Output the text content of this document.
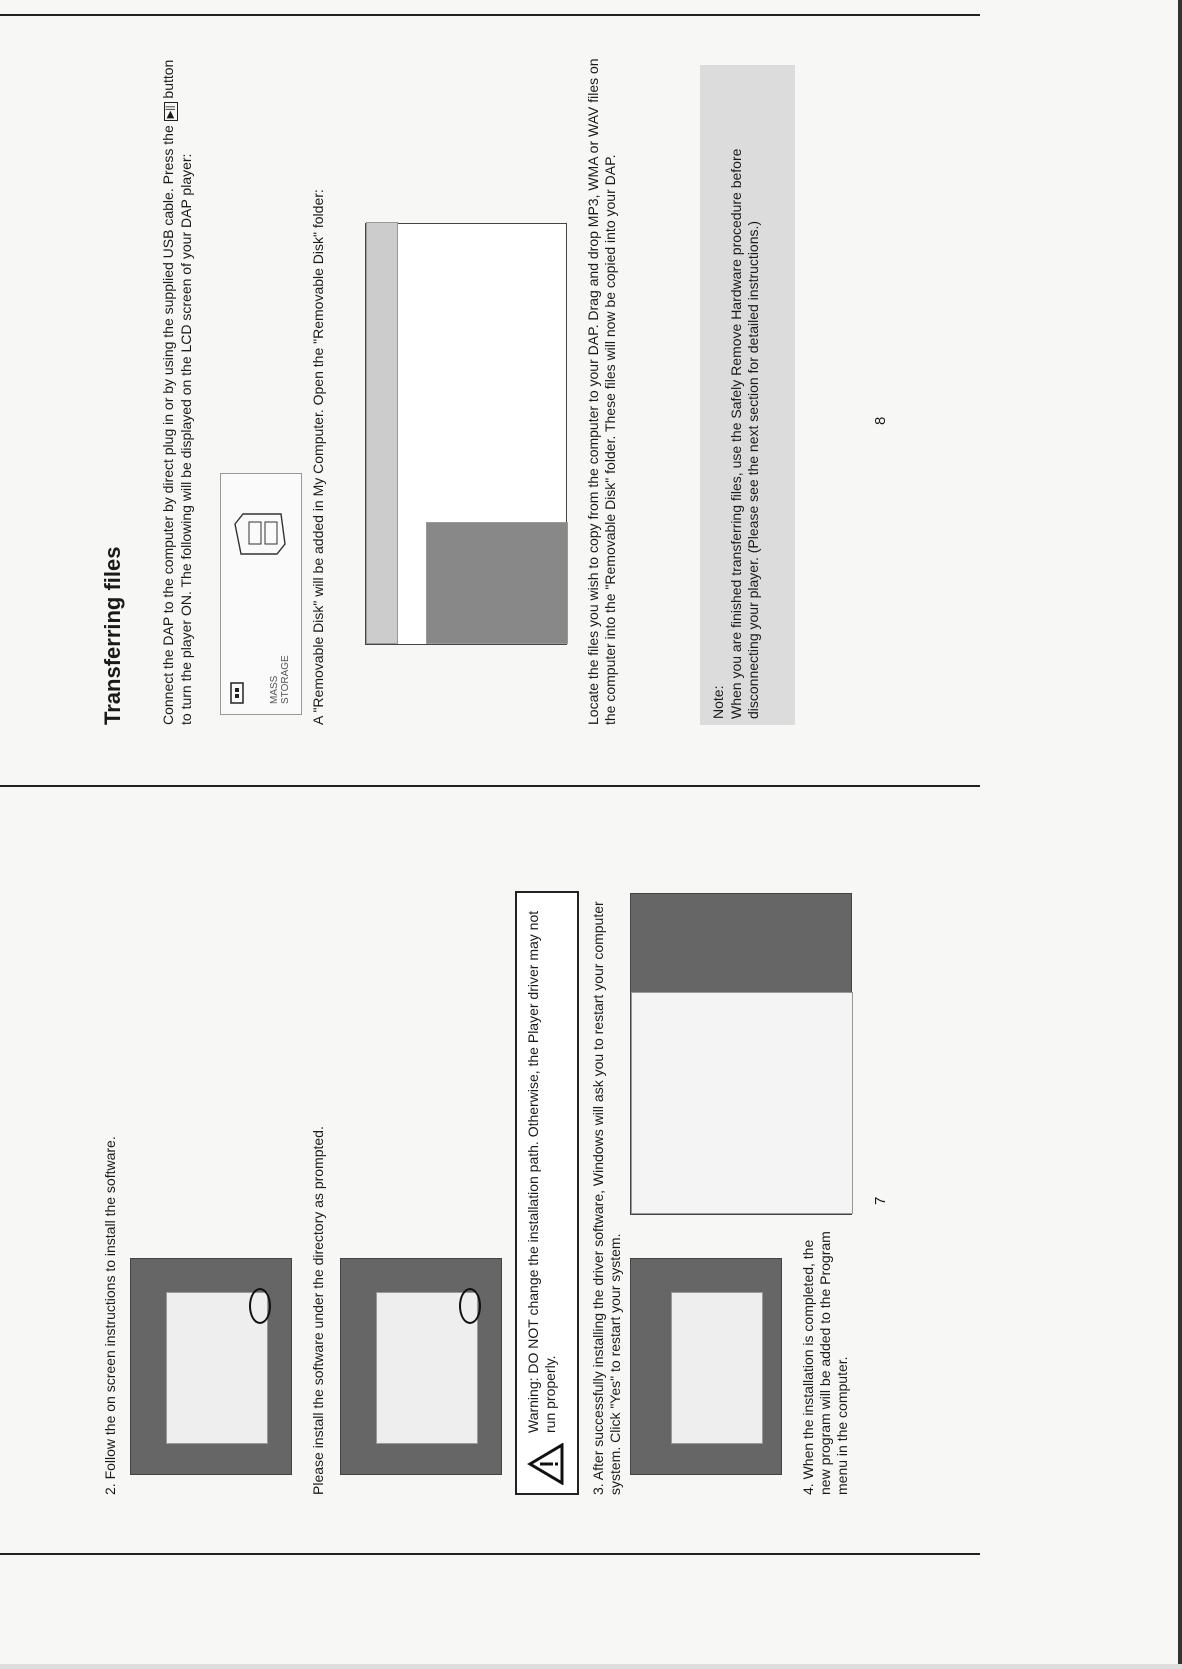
2. Follow the on screen instructions to install the software.	Please install the software under the directory as prompted.	Warning: DO NOT change the installation path. Otherwise, the Player driver may not run properly. 3. After successfully installing the driver software, Windows will ask you to restart your computer system. Click "Yes" to restart your system.	4. When the installation is completed, the new program will be added to the Program menu in the computer.
7
Transferring files	Connect the DAP to the computer by direct plug in or by using the supplied USB cable. Press the ▶|| button to turn the player ON. The following will be displayed on the LCD screen of your DAP player:	MASS STORAGE A "Removable Disk" will be added in My Computer. Open the "Removable Disk" folder:	Locate the files you wish to copy from the computer to your DAP. Drag and drop MP3, WMA or WAV files on the computer into the "Removable Disk" folder. These files will now be copied into your DAP.	Note: When you are finished transferring files, use the Safely Remove Hardware procedure before disconnecting your player. (Please see the next section for detailed instructions.)	8
